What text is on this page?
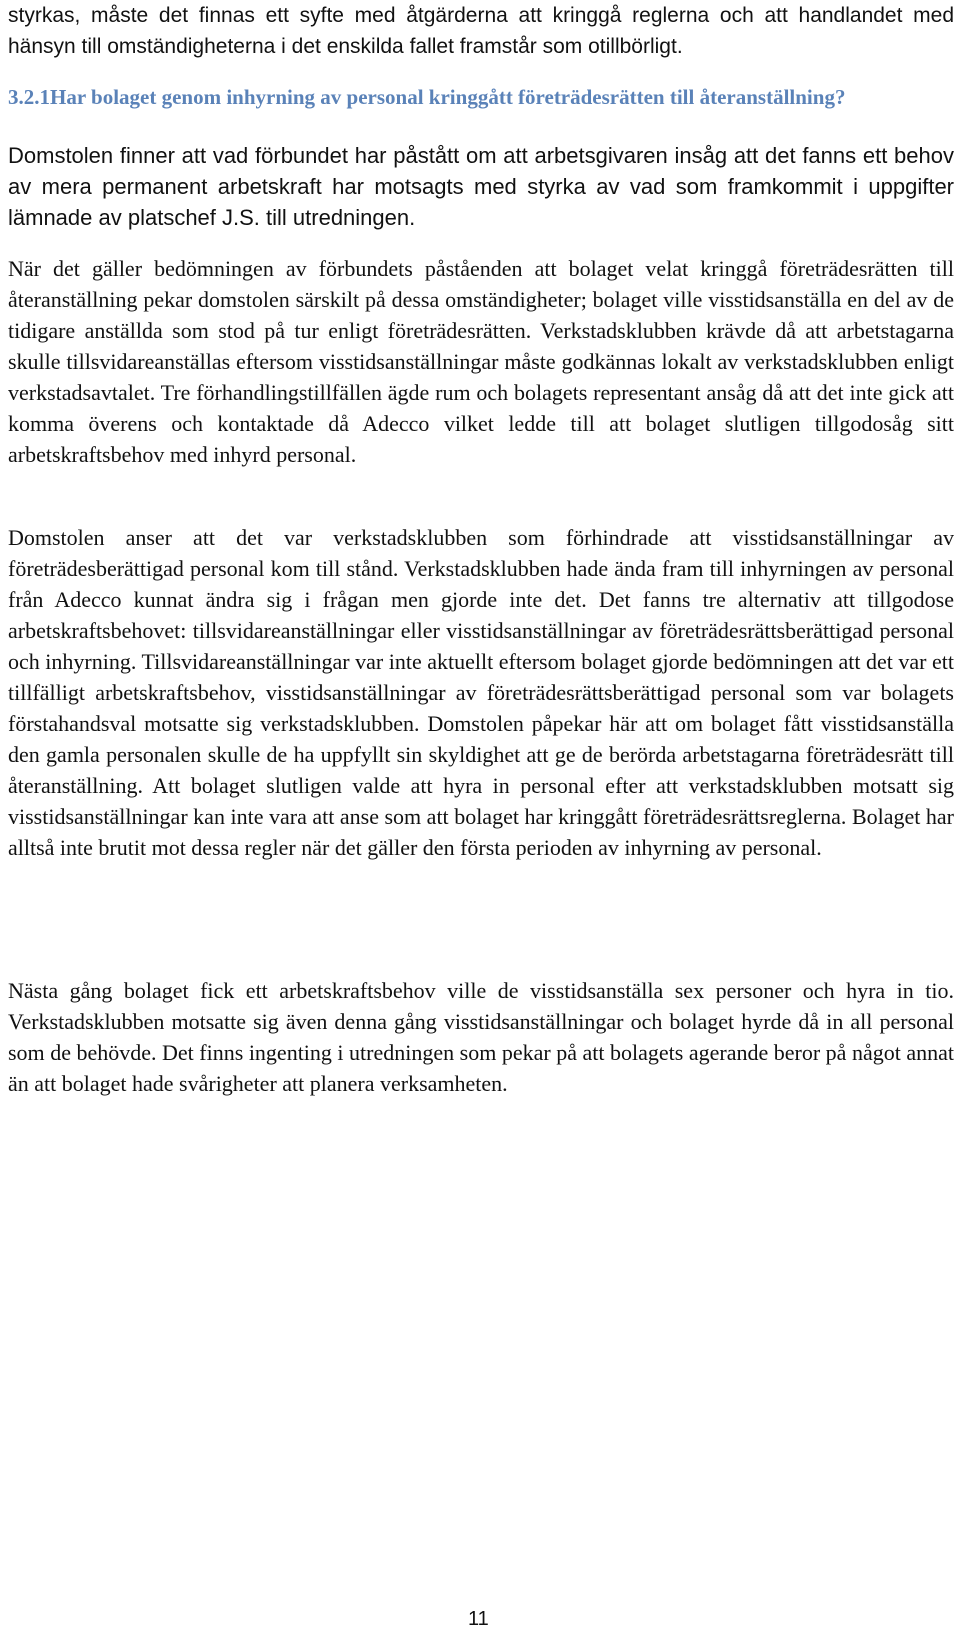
styrkas, måste det finnas ett syfte med åtgärderna att kringgå reglerna och att handlandet med hänsyn till omständigheterna i det enskilda fallet framstår som otillbörligt.

3.2.1Har bolaget genom inhyrning av personal kringgått företrädesrätten till återanställning?

Domstolen finner att vad förbundet har påstått om att arbetsgivaren insåg att det fanns ett behov av mera permanent arbetskraft har motsagts med styrka av vad som framkommit i uppgifter lämnade av platschef J.S. till utredningen.

När det gäller bedömningen av förbundets påståenden att bolaget velat kringgå företrädesrätten till återanställning pekar domstolen särskilt på dessa omständigheter; bolaget ville visstidsanställa en del av de tidigare anställda som stod på tur enligt företrädesrätten. Verkstadsklubben krävde då att arbetstagarna skulle tillsvidareanställas eftersom visstidsanställningar måste godkännas lokalt av verkstadsklubben enligt verkstadsavtalet. Tre förhandlingstillfällen ägde rum och bolagets representant ansåg då att det inte gick att komma överens och kontaktade då Adecco vilket ledde till att bolaget slutligen tillgodosåg sitt arbetskraftsbehov med inhyrd personal.

Domstolen anser att det var verkstadsklubben som förhindrade att visstidsanställningar av företrädesberättigad personal kom till stånd. Verkstadsklubben hade ända fram till inhyrningen av personal från Adecco kunnat ändra sig i frågan men gjorde inte det. Det fanns tre alternativ att tillgodose arbetskraftsbehovet: tillsvidareanställningar eller visstidsanställningar av företrädesrättsberättigad personal och inhyrning. Tillsvidareanställningar var inte aktuellt eftersom bolaget gjorde bedömningen att det var ett tillfälligt arbetskraftsbehov, visstidsanställningar av företrädesrättsberättigad personal som var bolagets förstahandsval motsatte sig verkstadsklubben. Domstolen påpekar här att om bolaget fått visstidsanställa den gamla personalen skulle de ha uppfyllt sin skyldighet att ge de berörda arbetstagarna företrädesrätt till återanställning. Att bolaget slutligen valde att hyra in personal efter att verkstadsklubben motsatt sig visstidsanställningar kan inte vara att anse som att bolaget har kringgått företrädesrättsreglerna. Bolaget har alltså inte brutit mot dessa regler när det gäller den första perioden av inhyrning av personal.

Nästa gång bolaget fick ett arbetskraftsbehov ville de visstidsanställa sex personer och hyra in tio. Verkstadsklubben motsatte sig även denna gång visstidsanställningar och bolaget hyrde då in all personal som de behövde. Det finns ingenting i utredningen som pekar på att bolagets agerande beror på något annat än att bolaget hade svårigheter att planera verksamheten.

11
